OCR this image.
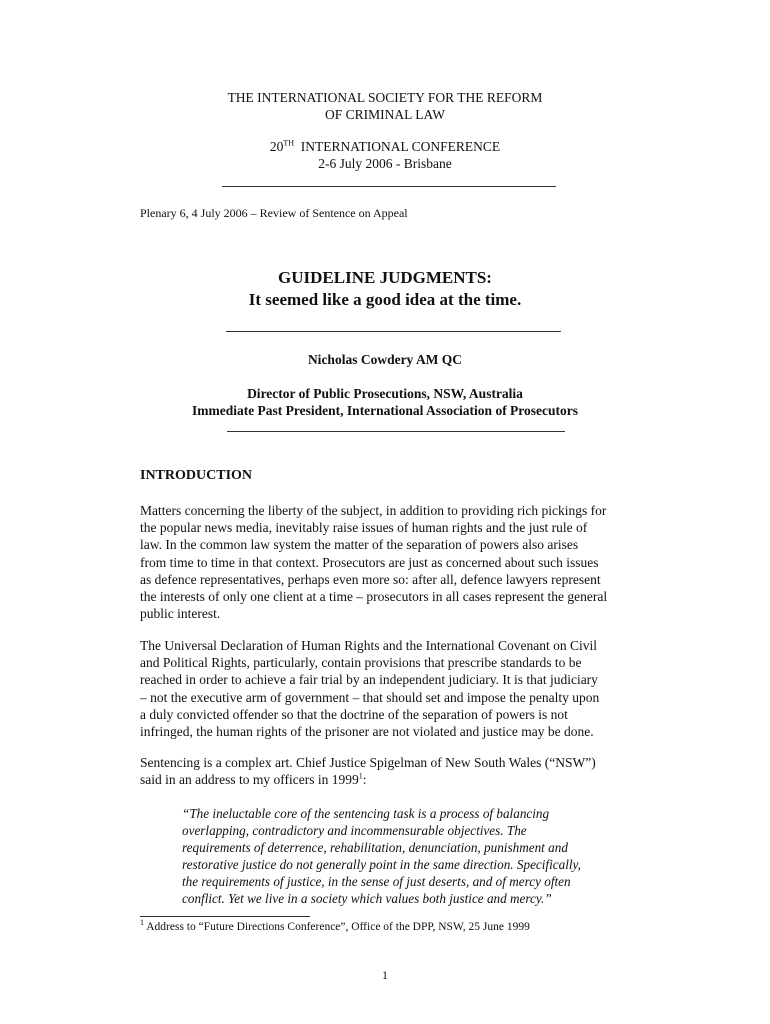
THE INTERNATIONAL SOCIETY FOR THE REFORM
OF CRIMINAL LAW
20TH INTERNATIONAL CONFERENCE
2-6 July 2006 - Brisbane
Plenary 6, 4 July 2006 – Review of Sentence on Appeal
GUIDELINE JUDGMENTS:
It seemed like a good idea at the time.
Nicholas Cowdery AM QC
Director of Public Prosecutions, NSW, Australia
Immediate Past President, International Association of Prosecutors
INTRODUCTION

Matters concerning the liberty of the subject, in addition to providing rich pickings for

the popular news media, inevitably raise issues of human rights and the just rule of

law. In the common law system the matter of the separation of powers also arises

from time to time in that context. Prosecutors are just as concerned about such issues

as defence representatives, perhaps even more so: after all, defence lawyers represent

the interests of only one client at a time – prosecutors in all cases represent the general

public interest.

The Universal Declaration of Human Rights and the International Covenant on Civil

and Political Rights, particularly, contain provisions that prescribe standards to be

reached in order to achieve a fair trial by an independent judiciary. It is that judiciary

– not the executive arm of government – that should set and impose the penalty upon

a duly convicted offender so that the doctrine of the separation of powers is not

infringed, the human rights of the prisoner are not violated and justice may be done.

Sentencing is a complex art. Chief Justice Spigelman of New South Wales (“NSW”)

said in an address to my officers in 1999$^1$:

“The ineluctable core of the sentencing task is a process of balancing
overlapping, contradictory and incommensurable objectives. The
requirements of deterrence, rehabilitation, denunciation, punishment and
restorative justice do not generally point in the same direction. Specifically,
the requirements of justice, in the sense of just deserts, and of mercy often
conflict. Yet we live in a society which values both justice and mercy.”
$^1$ Address to “Future Directions Conference”, Office of the DPP, NSW, 25 June 1999
1
